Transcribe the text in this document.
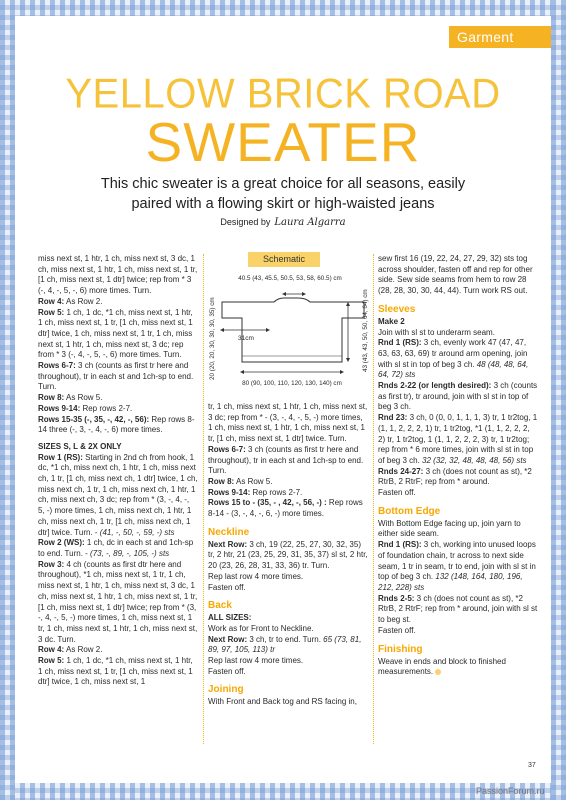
Garment
YELLOW BRICK ROAD
SWEATER
This chic sweater is a great choice for all seasons, easily paired with a flowing skirt or high-waisted jeans
Designed by Laura Algarra

miss next st, 1 htr, 1 ch, miss next st, 3 dc, 1 ch, miss next st, 1 htr, 1 ch, miss next st, 1 tr, [1 ch, miss next st, 1 dtr] twice; rep from * 3 (-, 4, -, 5, -, 6) more times. Turn.

Row 4: As Row 2.

Row 5: 1 ch, 1 dc, *1 ch, miss next st, 1 htr, 1 ch, miss next st, 1 tr, [1 ch, miss next st, 1 dtr] twice, 1 ch, miss next st, 1 tr, 1 ch, miss next st, 1 htr, 1 ch, miss next st, 3 dc; rep from * 3 (-, 4, -, 5, -, 6) more times. Turn.

Rows 6-7: 3 ch (counts as first tr here and throughout), tr in each st and 1ch-sp to end. Turn.

Row 8: As Row 5.

Rows 9-14: Rep rows 2-7.

Rows 15-35 (-, 35, -, 42, -, 56): Rep rows 8-14 three (-, 3, -, 4, -, 6) more times.

SIZES S, L & 2X ONLY

Row 1 (RS): Starting in 2nd ch from hook, 1 dc, *1 ch, miss next ch, 1 htr, 1 ch, miss next ch, 1 tr, [1 ch, miss next ch, 1 dtr] twice, 1 ch, miss next ch, 1 tr, 1 ch, miss next ch, 1 htr, 1 ch, miss next ch, 3 dc; rep from * (3, -, 4, -, 5, -) more times, 1 ch, miss next ch, 1 htr, 1 ch, miss next ch, 1 tr, [1 ch, miss next ch, 1 dtr] twice. Turn. - (41, -, 50, -, 59, -) sts

Row 2 (WS): 1 ch, dc in each st and 1ch-sp to end. Turn. - (73, -, 89, -, 105, -) sts

Row 3: 4 ch (counts as first dtr here and throughout), *1 ch, miss next st, 1 tr, 1 ch, miss next st, 1 htr, 1 ch, miss next st, 3 dc, 1 ch, miss next st, 1 htr, 1 ch, miss next st, 1 tr, [1 ch, miss next st, 1 dtr] twice; rep from * (3, -, 4, -, 5, -) more times, 1 ch, miss next st, 1 tr, 1 ch, miss next st, 1 htr, 1 ch, miss next st, 3 dc. Turn.

Row 4: As Row 2.

Row 5: 1 ch, 1 dc, *1 ch, miss next st, 1 htr, 1 ch, miss next st, 1 tr, [1 ch, miss next st, 1 dtr] twice, 1 ch, miss next st, 1

Schematic
40.5 (43, 45.5, 50.5, 53, 58, 60.5) cm
31cm
20 (20, 20, 30, 30, 30, 35) cm	43 (43, 43, 50, 50, 64, 64) cm
80 (90, 100, 110, 120, 130, 140) cm

tr, 1 ch, miss next st, 1 htr, 1 ch, miss next st, 3 dc; rep from * - (3, -, 4, -, 5, -) more times, 1 ch, miss next st, 1 htr, 1 ch, miss next st, 1 tr, [1 ch, miss next st, 1 dtr] twice. Turn.

Rows 6-7: 3 ch (counts as first tr here and throughout), tr in each st and 1ch-sp to end. Turn.

Row 8: As Row 5.

Rows 9-14: Rep rows 2-7.

Rows 15 to - (35, - , 42, -, 56, -) : Rep rows 8-14 - (3, -, 4, -, 6, -) more times.

Neckline

Next Row: 3 ch, 19 (22, 25, 27, 30, 32, 35) tr, 2 htr, 21 (23, 25, 29, 31, 35, 37) sl st, 2 htr, 20 (23, 26, 28, 31, 33, 36) tr. Turn.

Rep last row 4 more times.

Fasten off.

Back

ALL SIZES:

Work as for Front to Neckline.

Next Row: 3 ch, tr to end. Turn. 65 (73, 81, 89, 97, 105, 113) tr

Rep last row 4 more times.

Fasten off.

Joining

With Front and Back tog and RS facing in,

sew first 16 (19, 22, 24, 27, 29, 32) sts tog across shoulder, fasten off and rep for other side. Sew side seams from hem to row 28 (28, 28, 30, 30, 44, 44). Turn work RS out.

Sleeves

Make 2

Join with sl st to underarm seam.

Rnd 1 (RS): 3 ch, evenly work 47 (47, 47, 63, 63, 63, 69) tr around arm opening, join with sl st in top of beg 3 ch. 48 (48, 48, 64, 64, 72) sts

Rnds 2-22 (or length desired): 3 ch (counts as first tr), tr around, join with sl st in top of beg 3 ch.

Rnd 23: 3 ch, 0 (0, 0, 1, 1, 1, 3) tr, 1 tr2tog, 1 (1, 1, 2, 2, 2, 1) tr, 1 tr2tog, *1 (1, 1, 2, 2, 2, 2) tr, 1 tr2tog, 1 (1, 1, 2, 2, 2, 3) tr, 1 tr2tog; rep from * 6 more times, join with sl st in top of beg 3 ch. 32 (32, 32, 48, 48, 48, 56) sts

Rnds 24-27: 3 ch (does not count as st), *2 RtrB, 2 RtrF; rep from * around.

Fasten off.

Bottom Edge

With Bottom Edge facing up, join yarn to either side seam.

Rnd 1 (RS): 3 ch, working into unused loops of foundation chain, tr across to next side seam, 1 tr in seam, tr to end, join with sl st in top of beg 3 ch. 132 (148, 164, 180, 196, 212, 228) sts

Rnds 2-5: 3 ch (does not count as st), *2 RtrB, 2 RtrF; rep from * around, join with sl st to beg st.

Fasten off.

Finishing

Weave in ends and block to finished measurements.

37
PassionForum.ru
